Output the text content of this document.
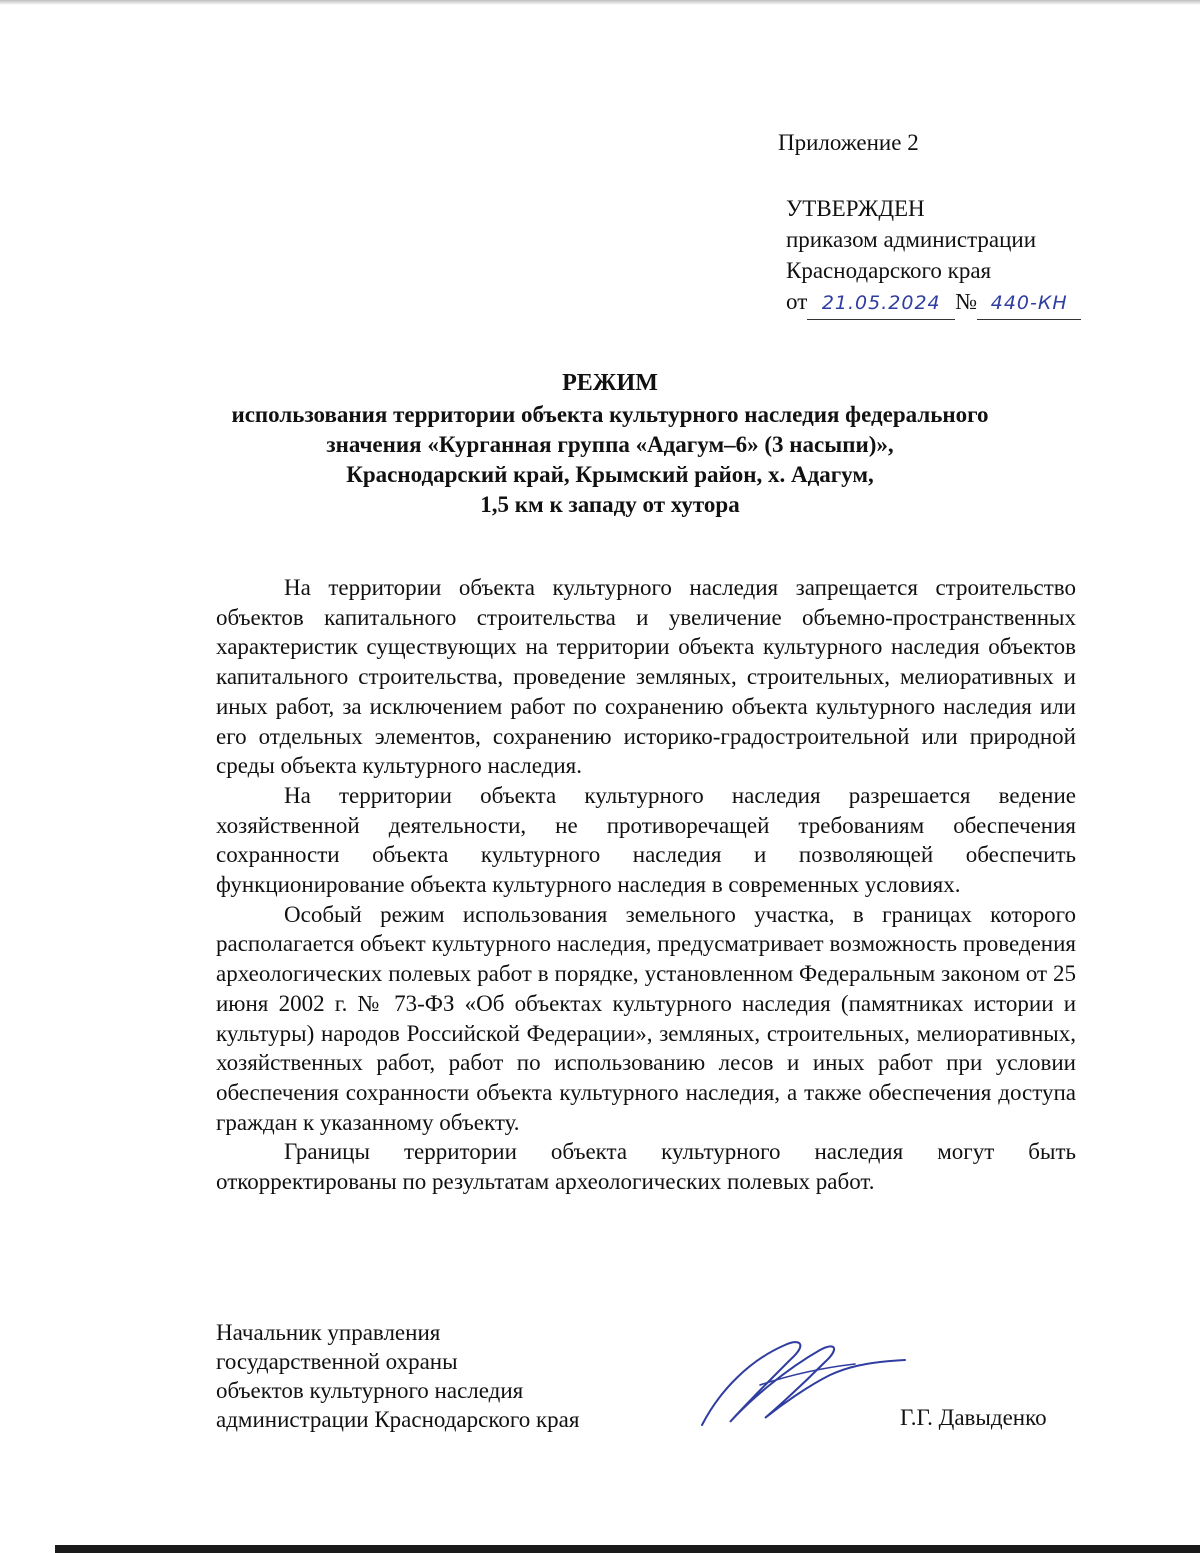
Приложение 2
УТВЕРЖДЕН
приказом администрации
Краснодарского края
от 21.05.2024 № 440-КН
РЕЖИМ
использования территории объекта культурного наследия федерального
значения «Курганная группа «Адагум–6» (3 насыпи)»,
Краснодарский край, Крымский район, х. Адагум,
1,5 км к западу от хутора

На территории объекта культурного наследия запрещается строительство объектов капитального строительства и увеличение объемно-пространственных характеристик существующих на территории объекта культурного наследия объектов капитального строительства, проведение земляных, строительных, мелиоративных и иных работ, за исключением работ по сохранению объекта культурного наследия или его отдельных элементов, сохранению историко-градостроительной или природной среды объекта культурного наследия.

На территории объекта культурного наследия разрешается ведение хозяйственной деятельности, не противоречащей требованиям обеспечения сохранности объекта культурного наследия и позволяющей обеспечить функционирование объекта культурного наследия в современных условиях.

Особый режим использования земельного участка, в границах которого располагается объект культурного наследия, предусматривает возможность проведения археологических полевых работ в порядке, установленном Федеральным законом от 25 июня 2002 г. № 73-ФЗ «Об объектах культурного наследия (памятниках истории и культуры) народов Российской Федерации», земляных, строительных, мелиоративных, хозяйственных работ, работ по использованию лесов и иных работ при условии обеспечения сохранности объекта культурного наследия, а также обеспечения доступа граждан к указанному объекту.

Границы территории объекта культурного наследия могут быть откорректированы по результатам археологических полевых работ.

Начальник управления
государственной охраны
объектов культурного наследия
администрации Краснодарского края	Г.Г. Давыденко
